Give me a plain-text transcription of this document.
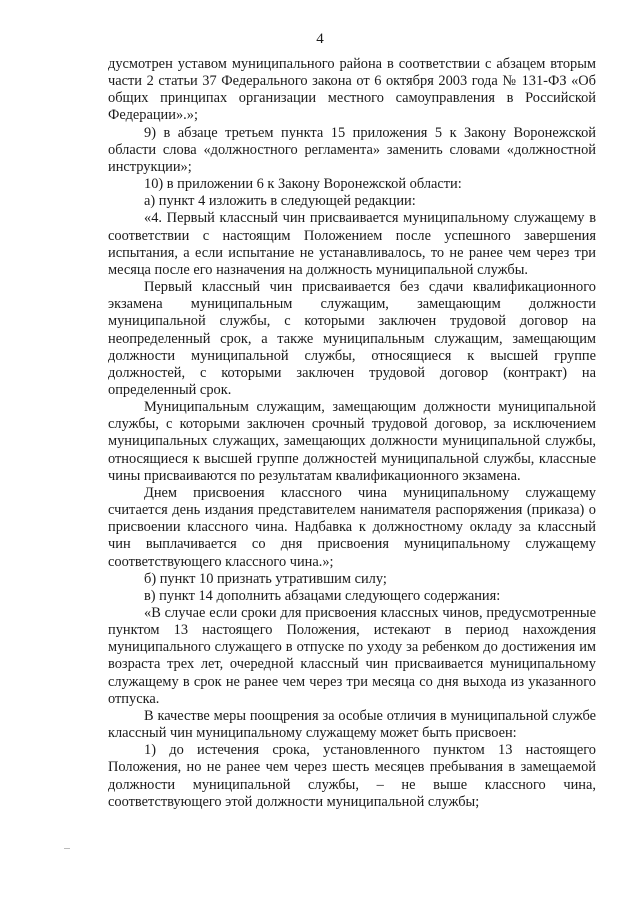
4

дусмотрен уставом муниципального района в соответствии с абзацем вторым части 2 статьи 37 Федерального закона от 6 октября 2003 года № 131-ФЗ «Об общих принципах организации местного самоуправления в Российской Федерации».»;

9) в абзаце третьем пункта 15 приложения 5 к Закону Воронежской области слова «должностного регламента» заменить словами «должностной инструкции»;

10) в приложении 6 к Закону Воронежской области:

а) пункт 4 изложить в следующей редакции:

«4. Первый классный чин присваивается муниципальному служащему в соответствии с настоящим Положением после успешного завершения испытания, а если испытание не устанавливалось, то не ранее чем через три месяца после его назначения на должность муниципальной службы.

Первый классный чин присваивается без сдачи квалификационного экзамена муниципальным служащим, замещающим должности муниципальной службы, с которыми заключен трудовой договор на неопределенный срок, а также муниципальным служащим, замещающим должности муниципальной службы, относящиеся к высшей группе должностей, с которыми заключен трудовой договор (контракт) на определенный срок.

Муниципальным служащим, замещающим должности муниципальной службы, с которыми заключен срочный трудовой договор, за исключением муниципальных служащих, замещающих должности муниципальной службы, относящиеся к высшей группе должностей муниципальной службы, классные чины присваиваются по результатам квалификационного экзамена.

Днем присвоения классного чина муниципальному служащему считается день издания представителем нанимателя распоряжения (приказа) о присвоении классного чина. Надбавка к должностному окладу за классный чин выплачивается со дня присвоения муниципальному служащему соответствующего классного чина.»;

б) пункт 10 признать утратившим силу;

в) пункт 14 дополнить абзацами следующего содержания:

«В случае если сроки для присвоения классных чинов, предусмотренные пунктом 13 настоящего Положения, истекают в период нахождения муниципального служащего в отпуске по уходу за ребенком до достижения им возраста трех лет, очередной классный чин присваивается муниципальному служащему в срок не ранее чем через три месяца со дня выхода из указанного отпуска.

В качестве меры поощрения за особые отличия в муниципальной службе классный чин муниципальному служащему может быть присвоен:

1) до истечения срока, установленного пунктом 13 настоящего Положения, но не ранее чем через шесть месяцев пребывания в замещаемой должности муниципальной службы, – не выше классного чина, соответствующего этой должности муниципальной службы;
